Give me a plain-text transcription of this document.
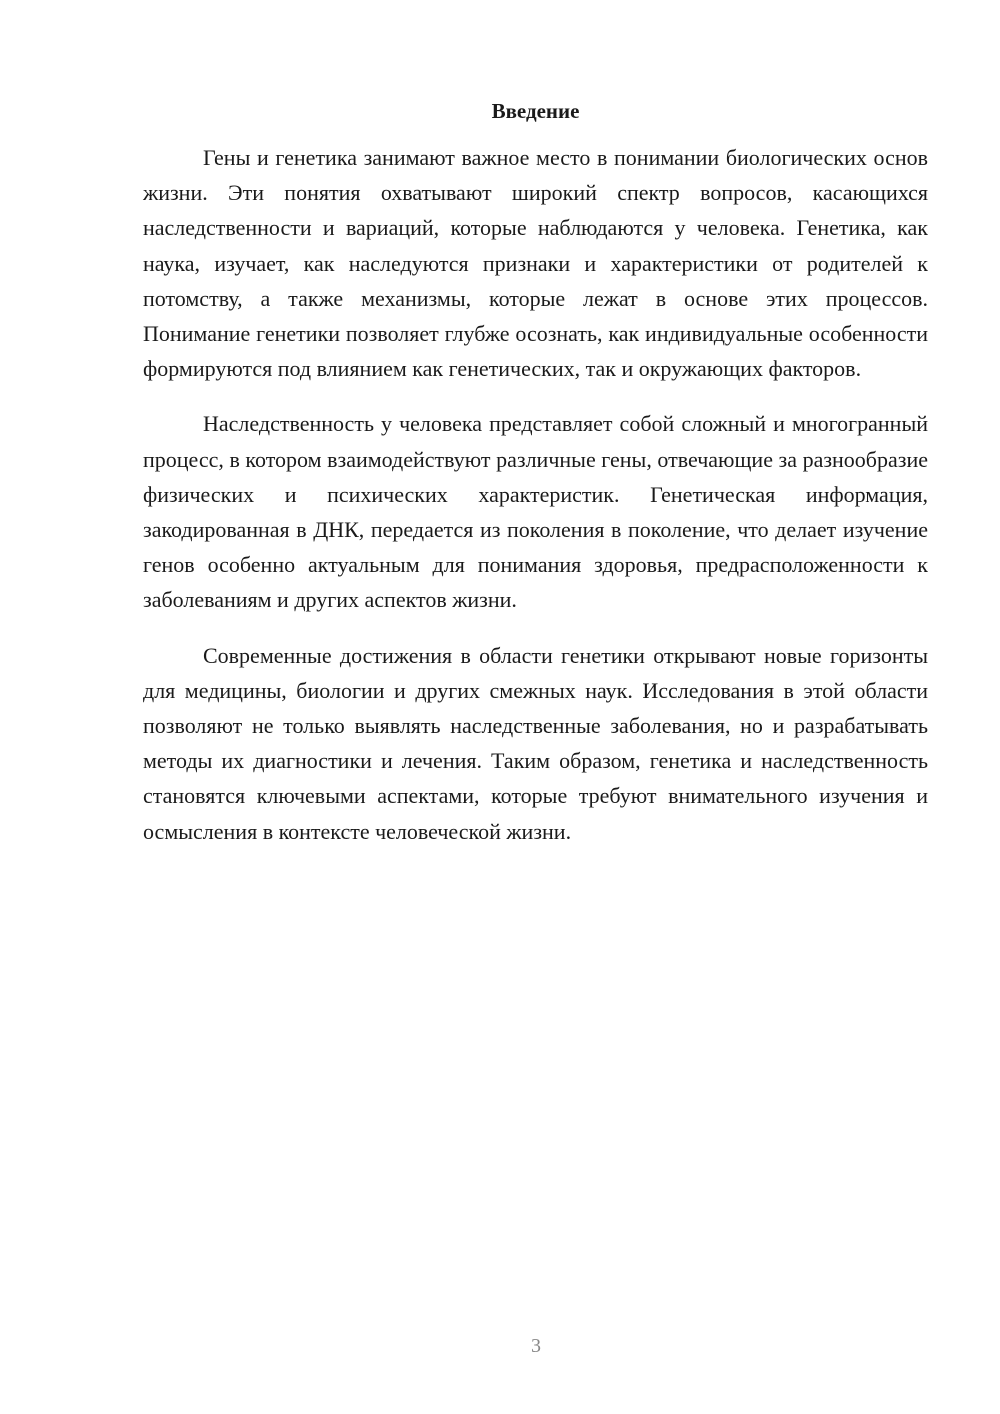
Введение

Гены и генетика занимают важное место в понимании биологических основ жизни. Эти понятия охватывают широкий спектр вопросов, касающихся наследственности и вариаций, которые наблюдаются у человека. Генетика, как наука, изучает, как наследуются признаки и характеристики от родителей к потомству, а также механизмы, которые лежат в основе этих процессов. Понимание генетики позволяет глубже осознать, как индивидуальные особенности формируются под влиянием как генетических, так и окружающих факторов.

Наследственность у человека представляет собой сложный и многогранный процесс, в котором взаимодействуют различные гены, отвечающие за разнообразие физических и психических характеристик. Генетическая информация, закодированная в ДНК, передается из поколения в поколение, что делает изучение генов особенно актуальным для понимания здоровья, предрасположенности к заболеваниям и других аспектов жизни.

Современные достижения в области генетики открывают новые горизонты для медицины, биологии и других смежных наук. Исследования в этой области позволяют не только выявлять наследственные заболевания, но и разрабатывать методы их диагностики и лечения. Таким образом, генетика и наследственность становятся ключевыми аспектами, которые требуют внимательного изучения и осмысления в контексте человеческой жизни.

3
